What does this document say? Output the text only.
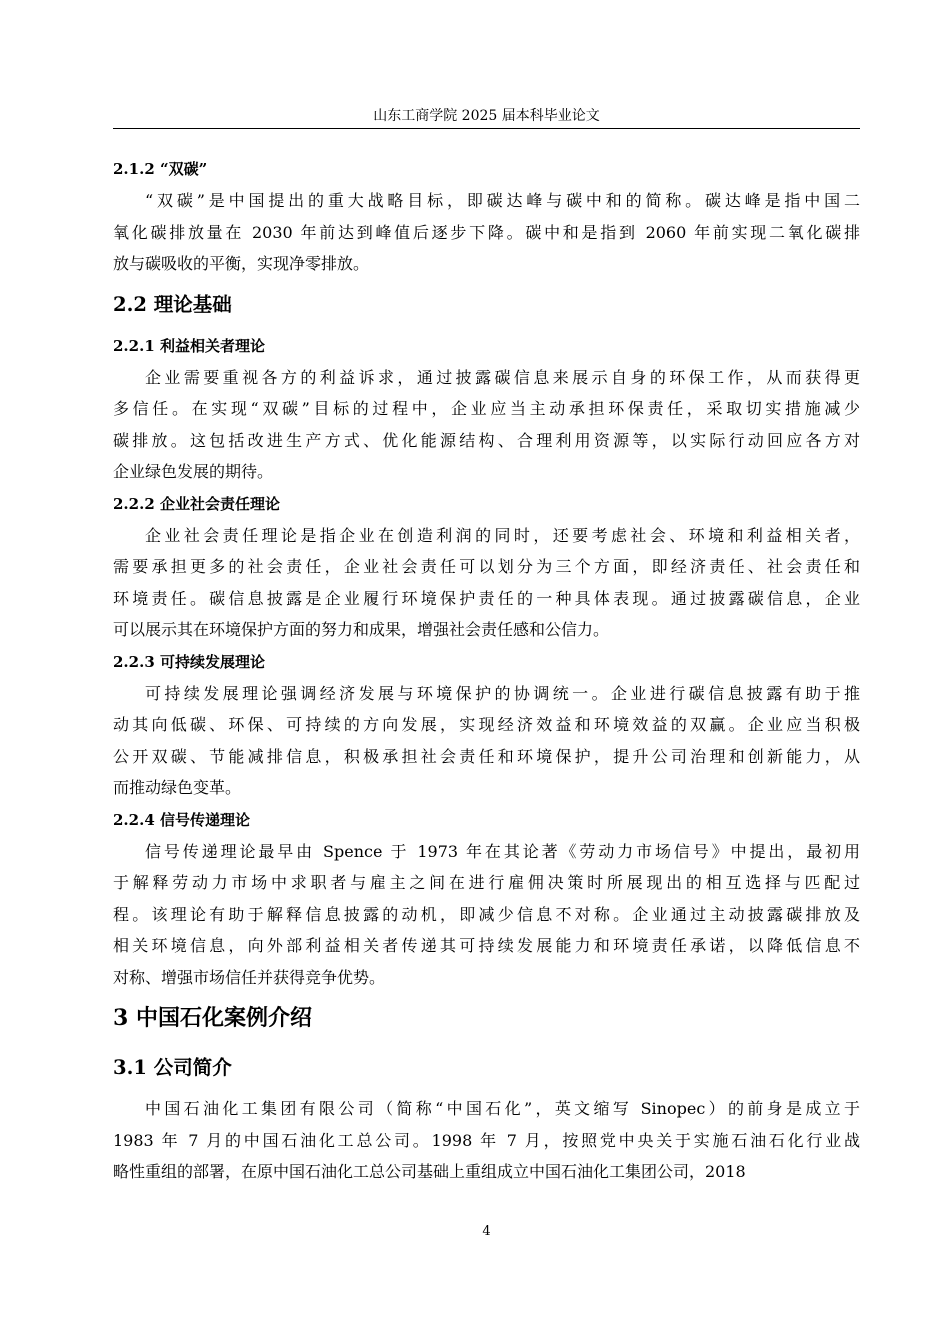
山东工商学院 2025 届本科毕业论文
2.1.2 “双碳”
“双碳”是中国提出的重大战略目标，即碳达峰与碳中和的简称。碳达峰是指中国二
氧化碳排放量在 2030 年前达到峰值后逐步下降。碳中和是指到 2060 年前实现二氧化碳排
放与碳吸收的平衡，实现净零排放。
2.2 理论基础
2.2.1 利益相关者理论
企业需要重视各方的利益诉求，通过披露碳信息来展示自身的环保工作，从而获得更
多信任。在实现“双碳”目标的过程中，企业应当主动承担环保责任，采取切实措施减少
碳排放。这包括改进生产方式、优化能源结构、合理利用资源等，以实际行动回应各方对
企业绿色发展的期待。
2.2.2 企业社会责任理论
企业社会责任理论是指企业在创造利润的同时，还要考虑社会、环境和利益相关者，
需要承担更多的社会责任，企业社会责任可以划分为三个方面，即经济责任、社会责任和
环境责任。碳信息披露是企业履行环境保护责任的一种具体表现。通过披露碳信息，企业
可以展示其在环境保护方面的努力和成果，增强社会责任感和公信力。
2.2.3 可持续发展理论
可持续发展理论强调经济发展与环境保护的协调统一。企业进行碳信息披露有助于推
动其向低碳、环保、可持续的方向发展，实现经济效益和环境效益的双赢。企业应当积极
公开双碳、节能减排信息，积极承担社会责任和环境保护，提升公司治理和创新能力，从
而推动绿色变革。
2.2.4 信号传递理论
信号传递理论最早由 Spence 于 1973 年在其论著《劳动力市场信号》中提出，最初用
于解释劳动力市场中求职者与雇主之间在进行雇佣决策时所展现出的相互选择与匹配过
程。该理论有助于解释信息披露的动机，即减少信息不对称。企业通过主动披露碳排放及
相关环境信息，向外部利益相关者传递其可持续发展能力和环境责任承诺，以降低信息不
对称、增强市场信任并获得竞争优势。
3 中国石化案例介绍
3.1 公司简介
中国石油化工集团有限公司（简称“中国石化”，英文缩写 Sinopec）的前身是成立于
1983 年 7 月的中国石油化工总公司。1998 年 7 月，按照党中央关于实施石油石化行业战
略性重组的部署，在原中国石油化工总公司基础上重组成立中国石油化工集团公司，2018
4
